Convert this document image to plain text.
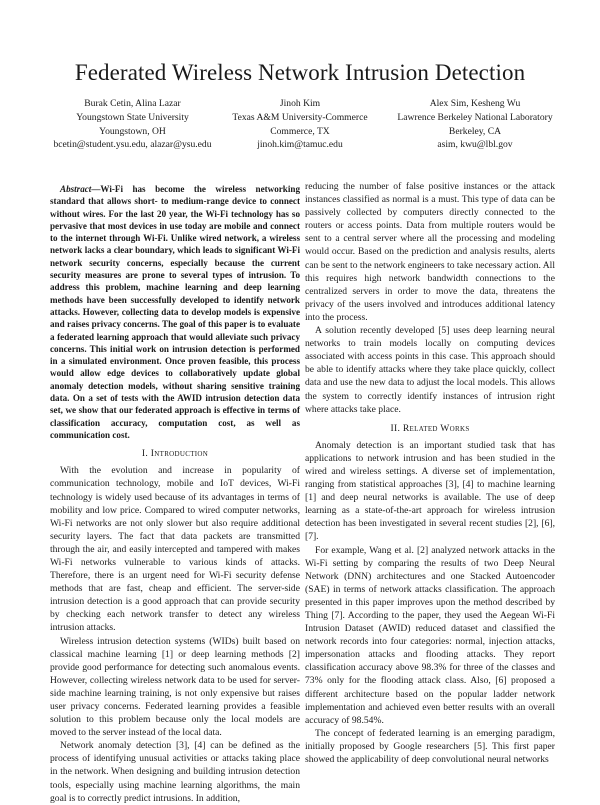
Federated Wireless Network Intrusion Detection
Burak Cetin, Alina Lazar
Youngstown State University
Youngstown, OH
bcetin@student.ysu.edu, alazar@ysu.edu
Jinoh Kim
Texas A&M University-Commerce
Commerce, TX
jinoh.kim@tamuc.edu
Alex Sim, Kesheng Wu
Lawrence Berkeley National Laboratory
Berkeley, CA
asim, kwu@lbl.gov

Abstract—Wi-Fi has become the wireless networking standard that allows short- to medium-range device to connect without wires. For the last 20 year, the Wi-Fi technology has so pervasive that most devices in use today are mobile and connect to the internet through Wi-Fi. Unlike wired network, a wireless network lacks a clear boundary, which leads to significant Wi-Fi network security concerns, especially because the current security measures are prone to several types of intrusion. To address this problem, machine learning and deep learning methods have been successfully developed to identify network attacks. However, collecting data to develop models is expensive and raises privacy concerns. The goal of this paper is to evaluate a federated learning approach that would alleviate such privacy concerns. This initial work on intrusion detection is performed in a simulated environment. Once proven feasible, this process would allow edge devices to collaboratively update global anomaly detection models, without sharing sensitive training data. On a set of tests with the AWID intrusion detection data set, we show that our federated approach is effective in terms of classification accuracy, computation cost, as well as communication cost.

I. Introduction

With the evolution and increase in popularity of communication technology, mobile and IoT devices, Wi-Fi technology is widely used because of its advantages in terms of mobility and low price. Compared to wired computer networks, Wi-Fi networks are not only slower but also require additional security layers. The fact that data packets are transmitted through the air, and easily intercepted and tampered with makes Wi-Fi networks vulnerable to various kinds of attacks. Therefore, there is an urgent need for Wi-Fi security defense methods that are fast, cheap and efficient. The server-side intrusion detection is a good approach that can provide security by checking each network transfer to detect any wireless intrusion attacks.

Wireless intrusion detection systems (WIDs) built based on classical machine learning [1] or deep learning methods [2] provide good performance for detecting such anomalous events. However, collecting wireless network data to be used for server-side machine learning training, is not only expensive but raises user privacy concerns. Federated learning provides a feasible solution to this problem because only the local models are moved to the server instead of the local data.

Network anomaly detection [3], [4] can be defined as the process of identifying unusual activities or attacks taking place in the network. When designing and building intrusion detection tools, especially using machine learning algorithms, the main goal is to correctly predict intrusions. In addition,

reducing the number of false positive instances or the attack instances classified as normal is a must. This type of data can be passively collected by computers directly connected to the routers or access points. Data from multiple routers would be sent to a central server where all the processing and modeling would occur. Based on the prediction and analysis results, alerts can be sent to the network engineers to take necessary action. All this requires high network bandwidth connections to the centralized servers in order to move the data, threatens the privacy of the users involved and introduces additional latency into the process.

A solution recently developed [5] uses deep learning neural networks to train models locally on computing devices associated with access points in this case. This approach should be able to identify attacks where they take place quickly, collect data and use the new data to adjust the local models. This allows the system to correctly identify instances of intrusion right where attacks take place.

II. Related Works

Anomaly detection is an important studied task that has applications to network intrusion and has been studied in the wired and wireless settings. A diverse set of implementation, ranging from statistical approaches [3], [4] to machine learning [1] and deep neural networks is available. The use of deep learning as a state-of-the-art approach for wireless intrusion detection has been investigated in several recent studies [2], [6], [7].

For example, Wang et al. [2] analyzed network attacks in the Wi-Fi setting by comparing the results of two Deep Neural Network (DNN) architectures and one Stacked Autoencoder (SAE) in terms of network attacks classification. The approach presented in this paper improves upon the method described by Thing [7]. According to the paper, they used the Aegean Wi-Fi Intrusion Dataset (AWID) reduced dataset and classified the network records into four categories: normal, injection attacks, impersonation attacks and flooding attacks. They report classification accuracy above 98.3% for three of the classes and 73% only for the flooding attack class. Also, [6] proposed a different architecture based on the popular ladder network implementation and achieved even better results with an overall accuracy of 98.54%.

The concept of federated learning is an emerging paradigm, initially proposed by Google researchers [5]. This first paper showed the applicability of deep convolutional neural networks
